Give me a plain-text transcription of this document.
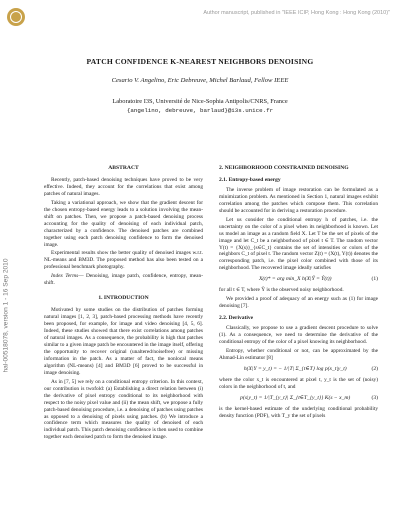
Author manuscript, published in "IEEE ICIP, Hong Kong : Hong Kong (2010)"
hal-00518078, version 1 - 16 Sep 2010
PATCH CONFIDENCE K-NEAREST NEIGHBORS DENOISING
Cesario V. Angelino, Eric Debreuve, Michel Barlaud, Fellow IEEE
Laboratoire I3S, Université de Nice-Sophia Antipolis/CNRS, France
{angelino, debreuve, barlaud}@i3s.unice.fr
ABSTRACT

Recently, patch-based denoising techniques have proved to be very effective. Indeed, they account for the correlations that exist among patches of natural images.

Taking a variational approach, we show that the gradient descent for the chosen entropy-based energy leads to a solution involving the mean-shift on patches. Then, we propose a patch-based denoising process accounting for the quality of denoising of each individual patch, characterized by a confidence. The denoised patches are combined together using each patch denoising confidence to form the denoised image.

Experimental results show the better quality of denoised images w.r.t. NL-means and BM3D. The proposed method has also been tested on a professional benchmark photography.

Index Terms— Denoising, image patch, confidence, entropy, mean-shift.

1. INTRODUCTION

Motivated by some studies on the distribution of patches forming natural images [1, 2, 3], patch-based processing methods have recently been proposed, for example, for image and video denoising [4, 5, 6]. Indeed, these studies showed that there exist correlations among patches of natural images. As a consequence, the probability is high that patches similar to a given image patch be encountered in the image itself, offering the opportunity to recover original (unaltered/noisefree) or missing information in the patch. As a matter of fact, the nonlocal means algorithm (NL-means) [4] and BM3D [6] proved to be successful in image denoising.

As in [7, 5] we rely on a conditional entropy criterion. In this context, our contribution is twofold: (a) Establishing a direct relation between (i) the derivative of pixel entropy conditional to its neighborhood with respect to the noisy pixel value and (ii) the mean shift, we propose a fully patch-based denoising procedure, i.e. a denoising of patches using patches as opposed to a denoising of pixels using patches. (b) We introduce a confidence term which measures the quality of denoised of each individual patch. This patch denoising confidence is then used to combine together each denoised patch to form the denoised image.

2. NEIGHBORHOOD CONSTRAINED DENOISING
2.1. Entropy-based energy

The inverse problem of image restoration can be formulated as a minimization problem. As mentioned in Section 1, natural images exhibit correlation among the patches which compose them. This correlation should be accounted for in deriving a restoration procedure.

Let us consider the conditional entropy h of patches, i.e. the uncertainty on the color of a pixel when its neighborhood is known. Let us model an image as a random field X. Let T be the set of pixels of the image and let C_t be a neighborhood of pixel t ∈ T. The random vector Y(t) = {X(s)}_{s∈C_t} contains the set of intensities or colors of the neighbors C_t of pixel t. The random vector Z(t) = (X(t), Y(t)) denotes the corresponding patch, i.e. the pixel color combined with those of its neighborhood. The recovered image ideally satisfies

X(t)* = arg min_X h(X|Ŷ = Ŷ(t))	(1)

for all t ∈ T, where Ŷ is the observed noisy neighborhood.

We provided a proof of adequacy of an energy such as (1) for image denoising [7].

2.2. Derivative

Classically, we propose to use a gradient descent procedure to solve (1). As a consequence, we need to determine the derivative of the conditional entropy of the color of a pixel knowing its neighborhood.

Entropy, whether conditional or not, can be approximated by the Ahmad-Lin estimator [8]

h(X|Y = y_t) = − 1/|T| Σ_{t∈T} log p(x_t|y_t)	(2)

where the color x_t is encountered at pixel t, y_t is the set of (noisy) colors in the neighborhood of t, and

p(s|y_t) = 1/|T_{y_t}| Σ_{t∈T_{y_t}} K(s − x_m)	(3)

is the kernel-based estimate of the underlying conditional probability density function (PDF), with T_y the set of pixels
